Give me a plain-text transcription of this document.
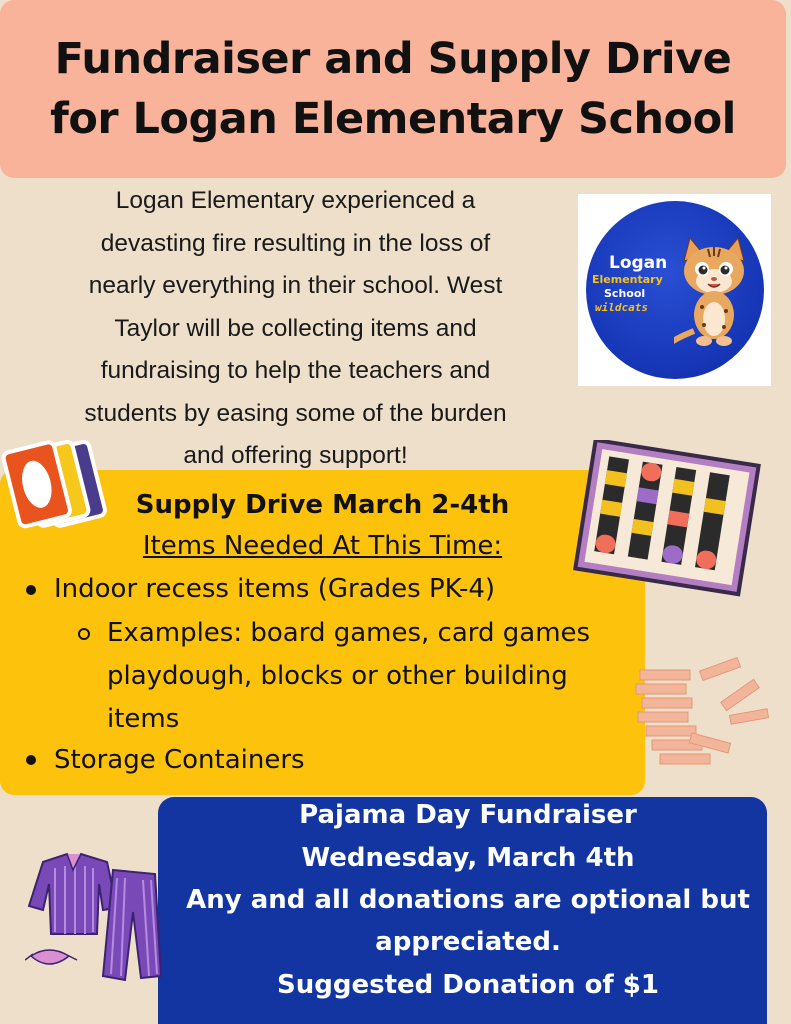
Fundraiser and Supply Drive
for Logan Elementary School
Logan Elementary experienced a
devasting fire resulting in the loss of
nearly everything in their school. West
Taylor will be collecting items and
fundraising to help the teachers and
students by easing some of the burden
and offering support!
Logan
Elementary
School
wildcats
Supply Drive March 2-4th
Items Needed At This Time:
Indoor recess items (Grades PK-4)
Examples: board games, card games
playdough, blocks or other building
items
Storage Containers
Pajama Day Fundraiser
Wednesday, March 4th
Any and all donations are optional but
appreciated.
Suggested Donation of $1
